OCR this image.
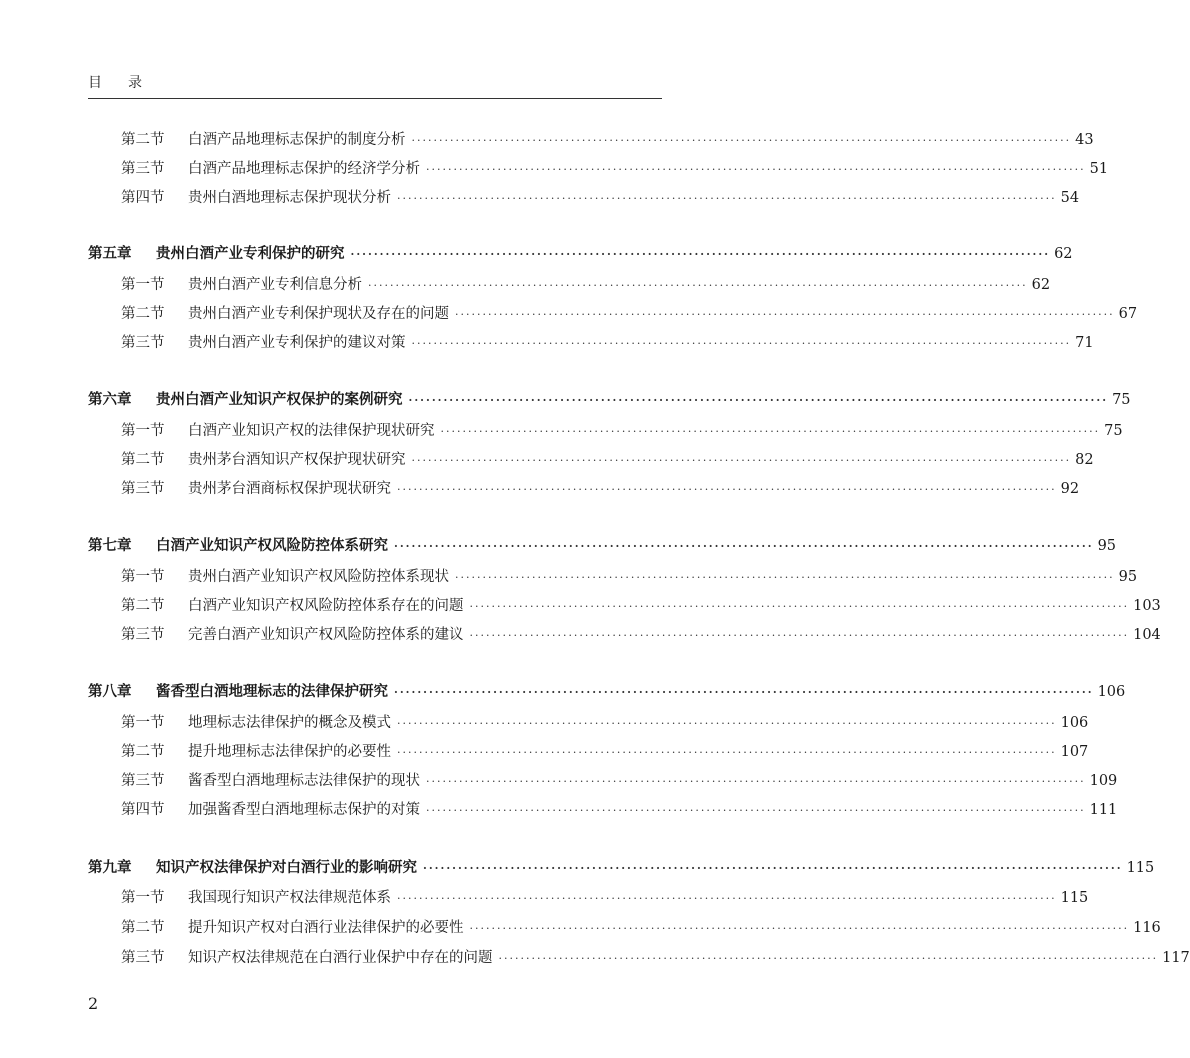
目 录
第二节	白酒产品地理标志保护的制度分析 ························································································································ 43
第三节	白酒产品地理标志保护的经济学分析 ························································································································ 51
第四节	贵州白酒地理标志保护现状分析 ························································································································ 54
第五章	贵州白酒产业专利保护的研究 ························································································································ 62
第一节	贵州白酒产业专利信息分析 ························································································································ 62
第二节	贵州白酒产业专利保护现状及存在的问题 ························································································································ 67
第三节	贵州白酒产业专利保护的建议对策 ························································································································ 71
第六章	贵州白酒产业知识产权保护的案例研究 ························································································································ 75
第一节	白酒产业知识产权的法律保护现状研究 ························································································································ 75
第二节	贵州茅台酒知识产权保护现状研究 ························································································································ 82
第三节	贵州茅台酒商标权保护现状研究 ························································································································ 92
第七章	白酒产业知识产权风险防控体系研究 ························································································································ 95
第一节	贵州白酒产业知识产权风险防控体系现状 ························································································································ 95
第二节	白酒产业知识产权风险防控体系存在的问题 ························································································································ 103
第三节	完善白酒产业知识产权风险防控体系的建议 ························································································································ 104
第八章	酱香型白酒地理标志的法律保护研究 ························································································································ 106
第一节	地理标志法律保护的概念及模式 ························································································································ 106
第二节	提升地理标志法律保护的必要性 ························································································································ 107
第三节	酱香型白酒地理标志法律保护的现状 ························································································································ 109
第四节	加强酱香型白酒地理标志保护的对策 ························································································································ 111
第九章	知识产权法律保护对白酒行业的影响研究 ························································································································ 115
第一节	我国现行知识产权法律规范体系 ························································································································ 115
第二节	提升知识产权对白酒行业法律保护的必要性 ························································································································ 116
第三节	知识产权法律规范在白酒行业保护中存在的问题 ························································································································ 117
2
